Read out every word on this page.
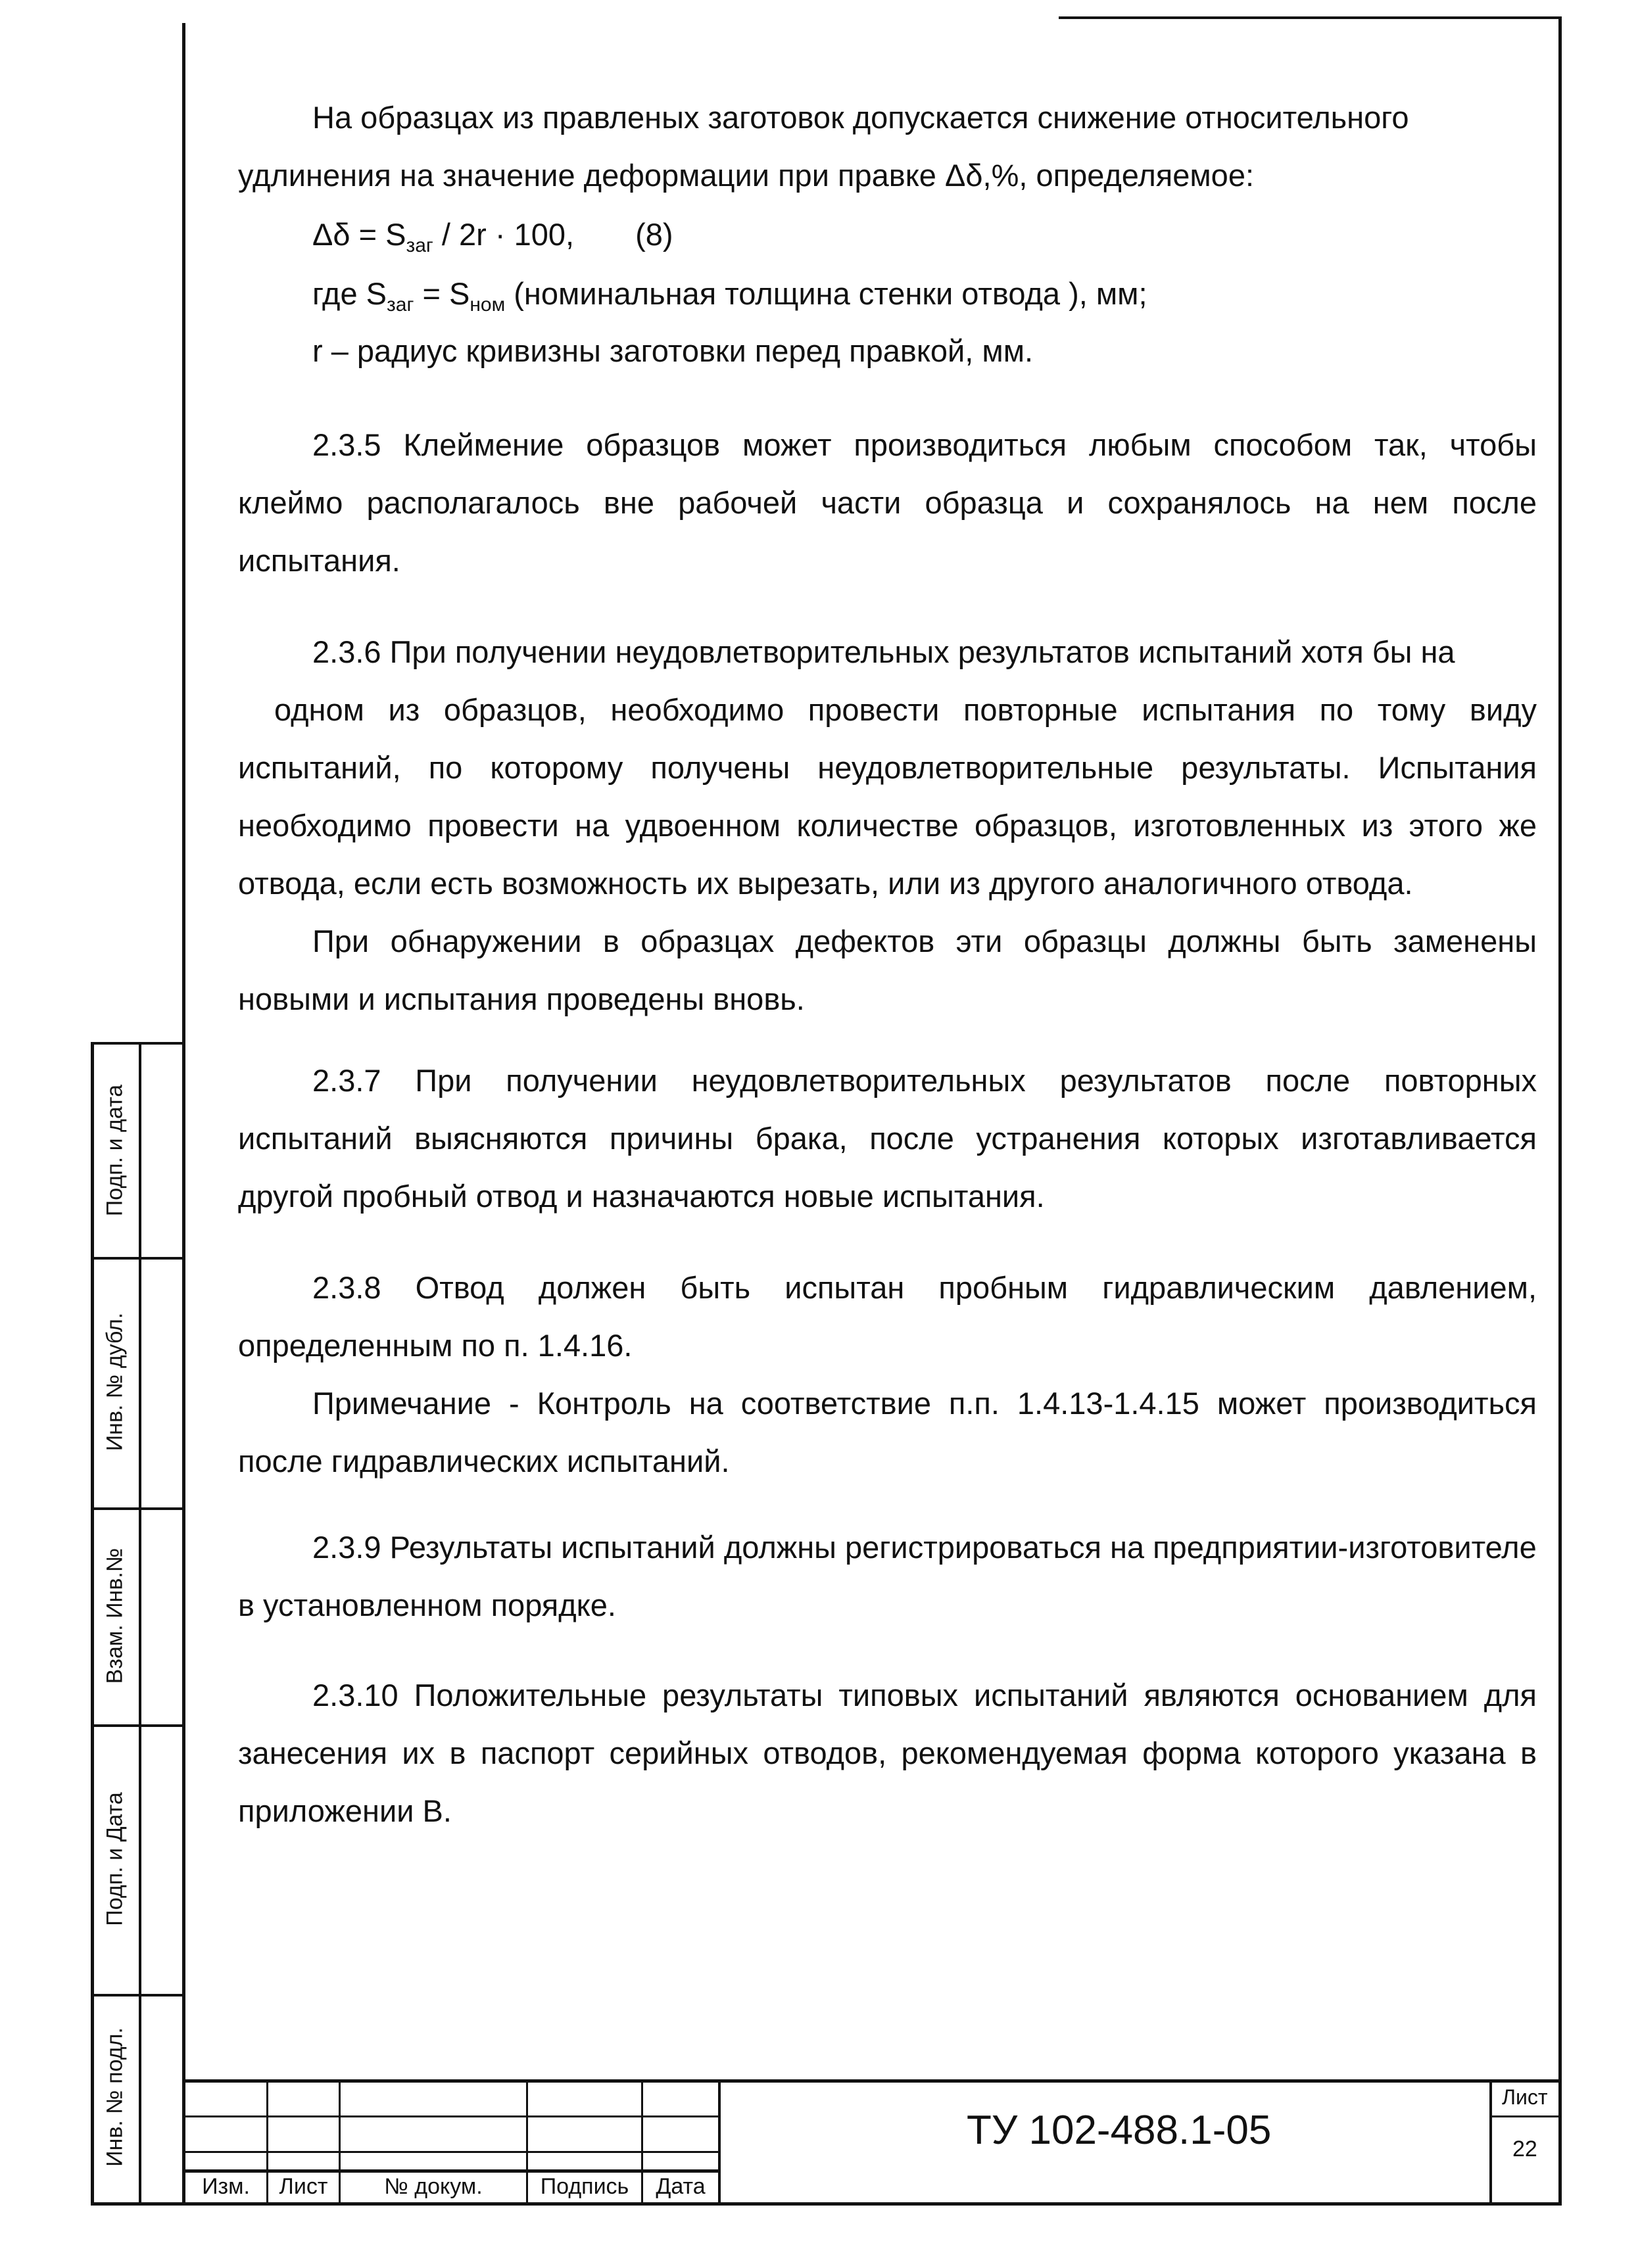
На образцах из правленых заготовок допускается снижение относительного
удлинения на значение деформации при правке Δδ,%, определяемое:
$\Delta\delta = S_{заг} / 2r \cdot 100$, (8)
где $S_{заг} = S_{ном}$ (номинальная толщина стенки отвода ), мм;
r – радиус кривизны заготовки перед правкой, мм.

2.3.5 Клеймение образцов может производиться любым способом так, чтобы клеймо располагалось вне рабочей части образца и сохранялось на нем после испытания.

2.3.6 При получении неудовлетворительных результатов испытаний хотя бы на

одном из образцов, необходимо провести повторные испытания по тому виду испытаний, по которому получены неудовлетворительные результаты. Испытания необходимо провести на удвоенном количестве образцов, изготовленных из этого же отвода, если есть возможность их вырезать, или из другого аналогичного отвода.

При обнаружении в образцах дефектов эти образцы должны быть заменены новыми и испытания проведены вновь.

2.3.7 При получении неудовлетворительных результатов после повторных испытаний выясняются причины брака, после устранения которых изготавливается другой пробный отвод и назначаются новые испытания.

2.3.8 Отвод должен быть испытан пробным гидравлическим давлением, определенным по п. 1.4.16.

Примечание - Контроль на соответствие п.п. 1.4.13-1.4.15 может производиться после гидравлических испытаний.

2.3.9 Результаты испытаний должны регистрироваться на предприятии-изготовителе в установленном порядке.

2.3.10 Положительные результаты типовых испытаний являются основанием для занесения их в паспорт серийных отводов, рекомендуемая форма которого указана в приложении В.

Подп. и дата
Инв. № дубл.
Взам. Инв.№
Подп. и Дата
Инв. № подл.
Изм.	Лист	№ докум.	Подпись	Дата
ТУ 102-488.1-05
Лист
22
